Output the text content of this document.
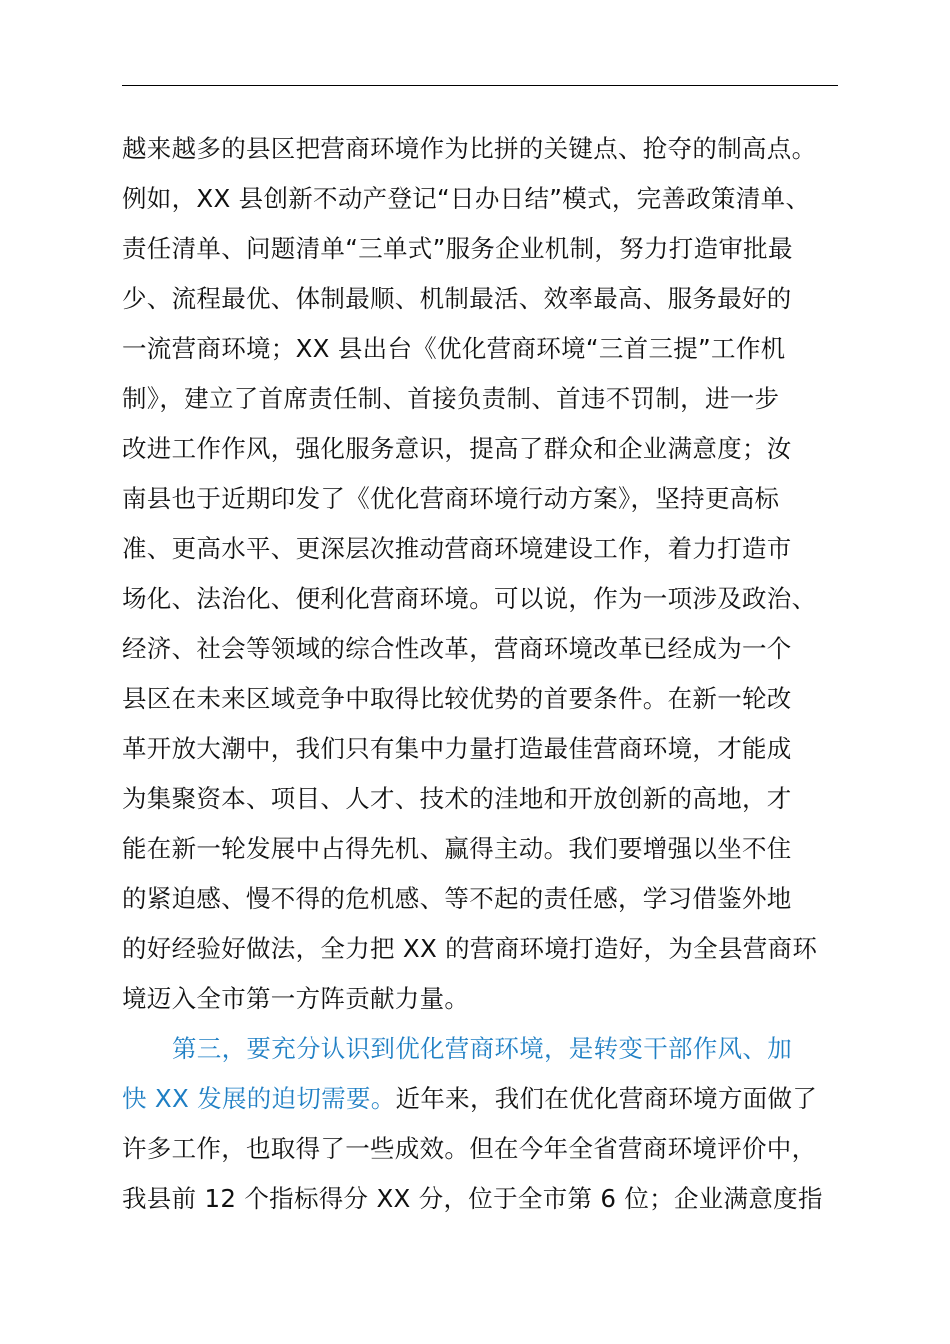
越来越多的县区把营商环境作为比拼的关键点、抢夺的制高点。
例如，XX 县创新不动产登记“日办日结”模式，完善政策清单、
责任清单、问题清单“三单式”服务企业机制，努力打造审批最
少、流程最优、体制最顺、机制最活、效率最高、服务最好的
一流营商环境；XX 县出台《优化营商环境“三首三提”工作机
制》，建立了首席责任制、首接负责制、首违不罚制，进一步
改进工作作风，强化服务意识，提高了群众和企业满意度；汝
南县也于近期印发了《优化营商环境行动方案》，坚持更高标
准、更高水平、更深层次推动营商环境建设工作，着力打造市
场化、法治化、便利化营商环境。可以说，作为一项涉及政治、
经济、社会等领域的综合性改革，营商环境改革已经成为一个
县区在未来区域竞争中取得比较优势的首要条件。在新一轮改
革开放大潮中，我们只有集中力量打造最佳营商环境，才能成
为集聚资本、项目、人才、技术的洼地和开放创新的高地，才
能在新一轮发展中占得先机、赢得主动。我们要增强以坐不住
的紧迫感、慢不得的危机感、等不起的责任感，学习借鉴外地
的好经验好做法，全力把 XX 的营商环境打造好，为全县营商环
境迈入全市第一方阵贡献力量。
第三，要充分认识到优化营商环境，是转变干部作风、加
快 XX 发展的迫切需要。近年来，我们在优化营商环境方面做了
许多工作，也取得了一些成效。但在今年全省营商环境评价中，
我县前 12 个指标得分 XX 分，位于全市第 6 位；企业满意度指
